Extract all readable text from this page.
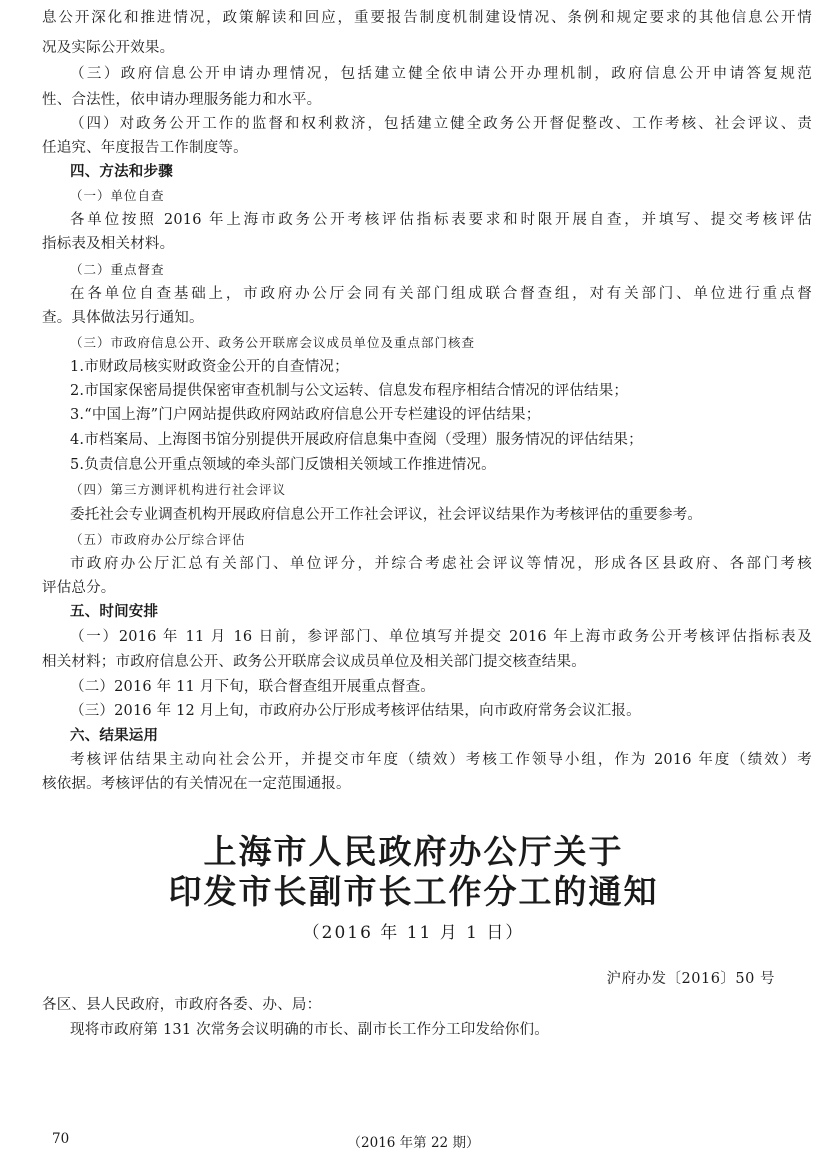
息公开深化和推进情况，政策解读和回应，重要报告制度机制建设情况、条例和规定要求的其他信息公开情
况及实际公开效果。
（三）政府信息公开申请办理情况，包括建立健全依申请公开办理机制，政府信息公开申请答复规范
性、合法性，依申请办理服务能力和水平。
（四）对政务公开工作的监督和权利救济，包括建立健全政务公开督促整改、工作考核、社会评议、责
任追究、年度报告工作制度等。
四、方法和步骤
（一）单位自查
各单位按照 2016 年上海市政务公开考核评估指标表要求和时限开展自查，并填写、提交考核评估
指标表及相关材料。
（二）重点督查
在各单位自查基础上，市政府办公厅会同有关部门组成联合督查组，对有关部门、单位进行重点督
查。具体做法另行通知。
（三）市政府信息公开、政务公开联席会议成员单位及重点部门核查
1.市财政局核实财政资金公开的自查情况；
2.市国家保密局提供保密审查机制与公文运转、信息发布程序相结合情况的评估结果；
3.“中国上海”门户网站提供政府网站政府信息公开专栏建设的评估结果；
4.市档案局、上海图书馆分别提供开展政府信息集中查阅（受理）服务情况的评估结果；
5.负责信息公开重点领域的牵头部门反馈相关领域工作推进情况。
（四）第三方测评机构进行社会评议
委托社会专业调查机构开展政府信息公开工作社会评议，社会评议结果作为考核评估的重要参考。
（五）市政府办公厅综合评估
市政府办公厅汇总有关部门、单位评分，并综合考虑社会评议等情况，形成各区县政府、各部门考核
评估总分。
五、时间安排
（一）2016 年 11 月 16 日前，参评部门、单位填写并提交 2016 年上海市政务公开考核评估指标表及
相关材料；市政府信息公开、政务公开联席会议成员单位及相关部门提交核查结果。
（二）2016 年 11 月下旬，联合督查组开展重点督查。
（三）2016 年 12 月上旬，市政府办公厅形成考核评估结果，向市政府常务会议汇报。
六、结果运用
考核评估结果主动向社会公开，并提交市年度（绩效）考核工作领导小组，作为 2016 年度（绩效）考
核依据。考核评估的有关情况在一定范围通报。
上海市人民政府办公厅关于
印发市长副市长工作分工的通知
（2016 年 11 月 1 日）
沪府办发〔2016〕50 号
各区、县人民政府，市政府各委、办、局：
现将市政府第 131 次常务会议明确的市长、副市长工作分工印发给你们。
70	（2016 年第 22 期）
